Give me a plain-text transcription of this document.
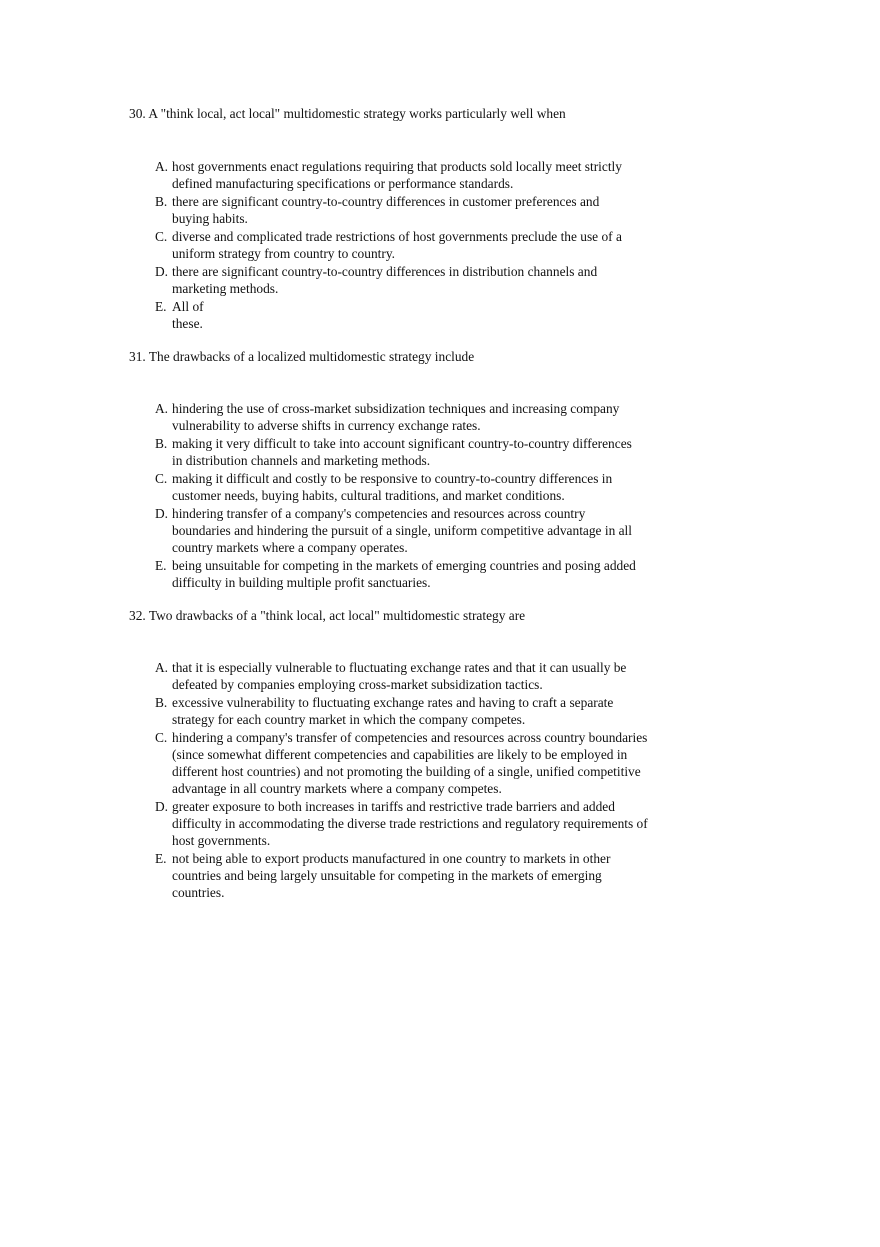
30. A "think local, act local" multidomestic strategy works particularly well when

A. host governments enact regulations requiring that products sold locally meet strictly defined manufacturing specifications or performance standards.
B. there are significant country-to-country differences in customer preferences and buying habits.
C. diverse and complicated trade restrictions of host governments preclude the use of a uniform strategy from country to country.
D. there are significant country-to-country differences in distribution channels and marketing methods.
E. All of these.

31. The drawbacks of a localized multidomestic strategy include

A. hindering the use of cross-market subsidization techniques and increasing company vulnerability to adverse shifts in currency exchange rates.
B. making it very difficult to take into account significant country-to-country differences in distribution channels and marketing methods.
C. making it difficult and costly to be responsive to country-to-country differences in customer needs, buying habits, cultural traditions, and market conditions.
D. hindering transfer of a company's competencies and resources across country boundaries and hindering the pursuit of a single, uniform competitive advantage in all country markets where a company operates.
E. being unsuitable for competing in the markets of emerging countries and posing added difficulty in building multiple profit sanctuaries.

32. Two drawbacks of a "think local, act local" multidomestic strategy are

A. that it is especially vulnerable to fluctuating exchange rates and that it can usually be defeated by companies employing cross-market subsidization tactics.
B. excessive vulnerability to fluctuating exchange rates and having to craft a separate strategy for each country market in which the company competes.
C. hindering a company's transfer of competencies and resources across country boundaries (since somewhat different competencies and capabilities are likely to be employed in different host countries) and not promoting the building of a single, unified competitive advantage in all country markets where a company competes.
D. greater exposure to both increases in tariffs and restrictive trade barriers and added difficulty in accommodating the diverse trade restrictions and regulatory requirements of host governments.
E. not being able to export products manufactured in one country to markets in other countries and being largely unsuitable for competing in the markets of emerging countries.
